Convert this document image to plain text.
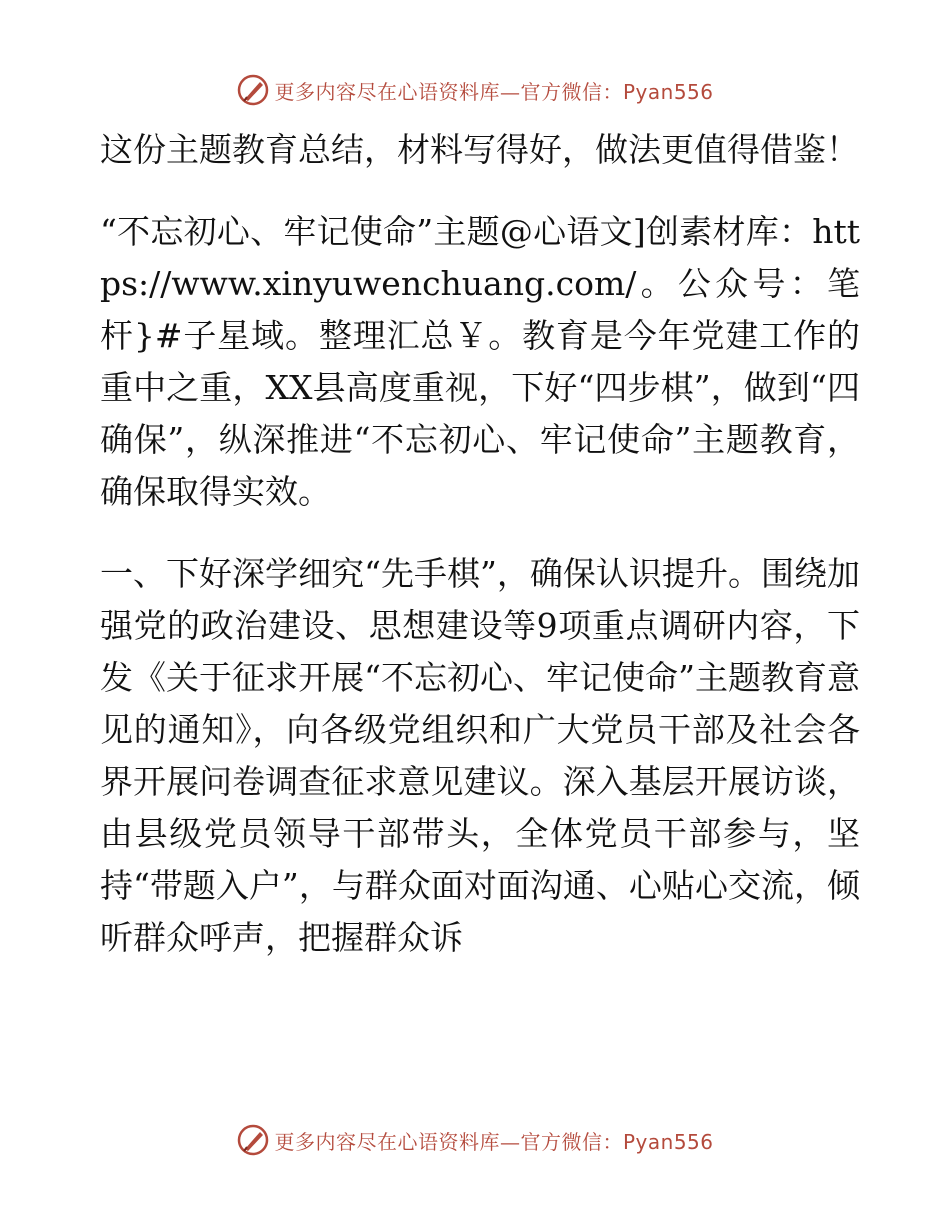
更多内容尽在心语资料库—官方微信：Pyan556

这份主题教育总结，材料写得好，做法更值得借鉴！

“不忘初心、牢记使命”主题@心语文]创素材库：https://www.xinyuwenchuang.com/。公众号：笔杆}#子星域。整理汇总￥。教育是今年党建工作的重中之重，XX县高度重视，下好“四步棋”，做到“四确保”，纵深推进“不忘初心、牢记使命”主题教育，确保取得实效。

一、下好深学细究“先手棋”，确保认识提升。围绕加强党的政治建设、思想建设等9项重点调研内容，下发《关于征求开展“不忘初心、牢记使命”主题教育意见的通知》，向各级党组织和广大党员干部及社会各界开展问卷调查征求意见建议。深入基层开展访谈，由县级党员领导干部带头，全体党员干部参与，坚持“带题入户”，与群众面对面沟通、心贴心交流，倾听群众呼声，把握群众诉

更多内容尽在心语资料库—官方微信：Pyan556
